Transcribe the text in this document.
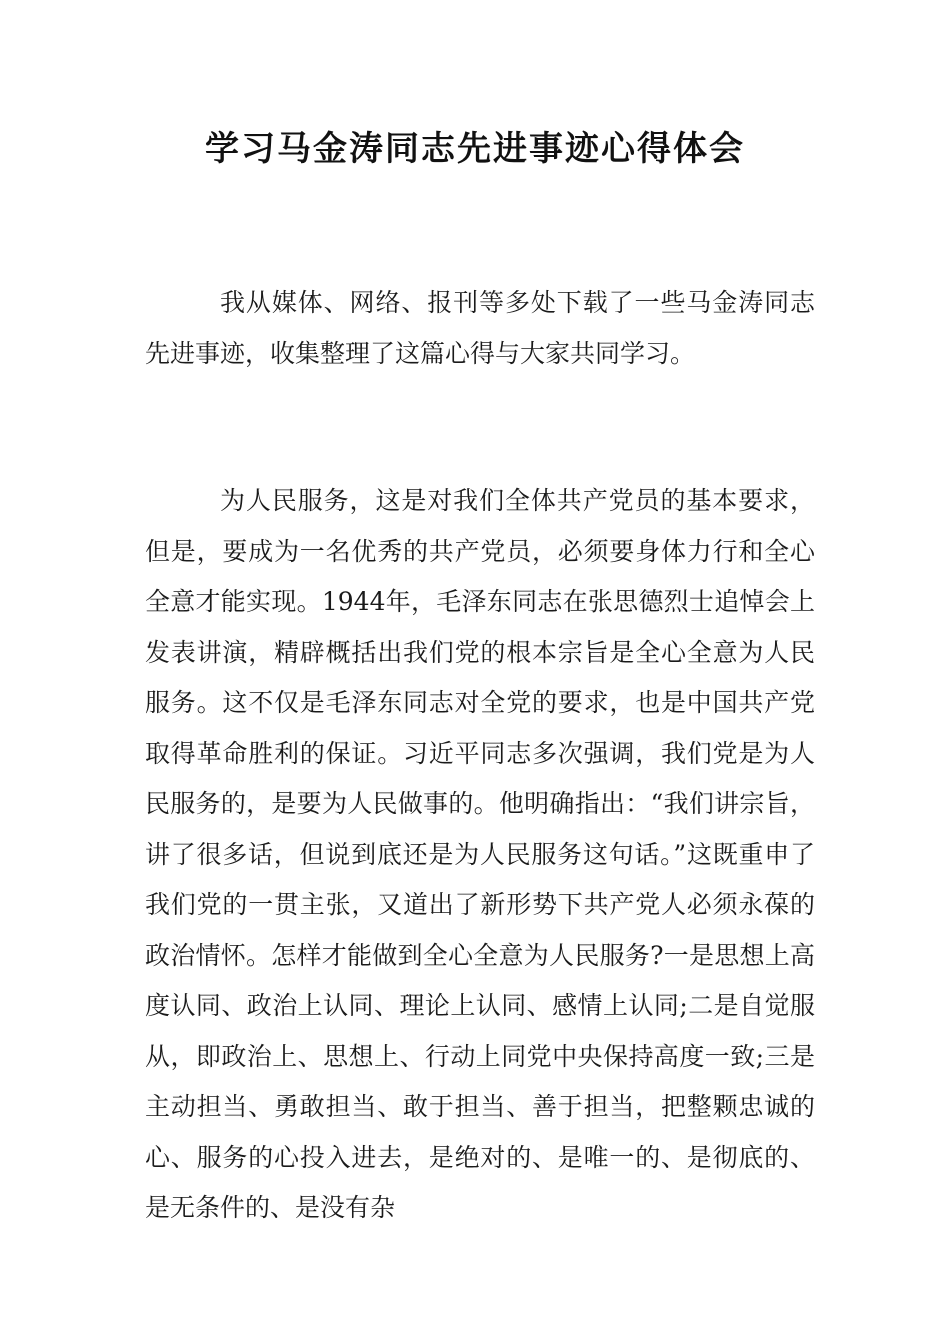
学习马金涛同志先进事迹心得体会

我从媒体、网络、报刊等多处下载了一些马金涛同志先进事迹，收集整理了这篇心得与大家共同学习。

为人民服务，这是对我们全体共产党员的基本要求，但是，要成为一名优秀的共产党员，必须要身体力行和全心全意才能实现。1944年，毛泽东同志在张思德烈士追悼会上发表讲演，精辟概括出我们党的根本宗旨是全心全意为人民服务。这不仅是毛泽东同志对全党的要求，也是中国共产党取得革命胜利的保证。习近平同志多次强调，我们党是为人民服务的，是要为人民做事的。他明确指出：“我们讲宗旨，讲了很多话，但说到底还是为人民服务这句话。”这既重申了我们党的一贯主张，又道出了新形势下共产党人必须永葆的政治情怀。怎样才能做到全心全意为人民服务?一是思想上高度认同、政治上认同、理论上认同、感情上认同;二是自觉服从，即政治上、思想上、行动上同党中央保持高度一致;三是主动担当、勇敢担当、敢于担当、善于担当，把整颗忠诚的心、服务的心投入进去，是绝对的、是唯一的、是彻底的、是无条件的、是没有杂
